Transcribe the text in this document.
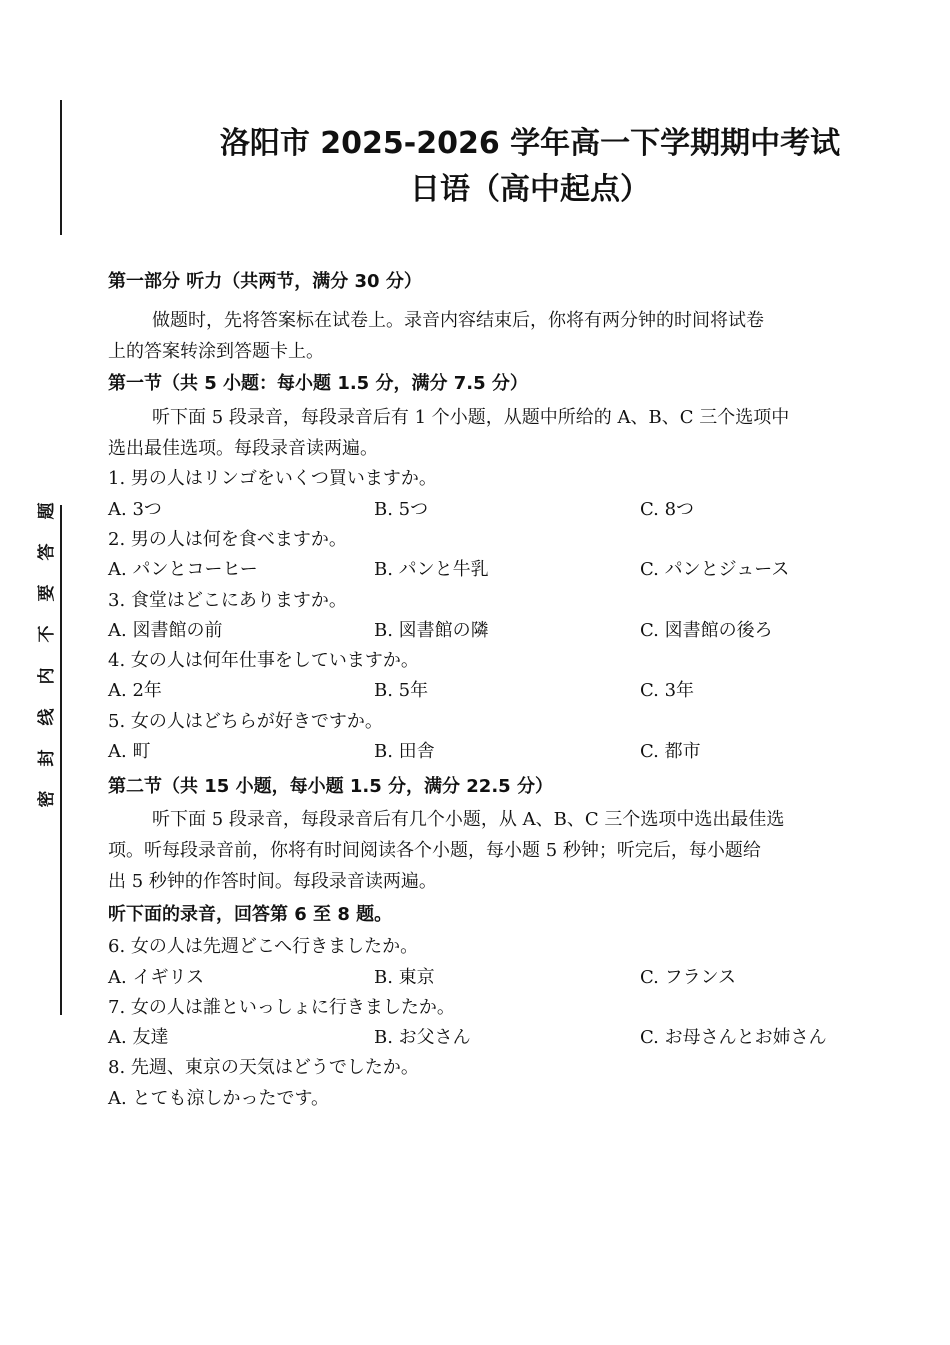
题
答
要
不
内
线
封
密
洛阳市 2025-2026 学年高一下学期期中考试
日语（高中起点）
第一部分 听力（共两节，满分 30 分）
做题时，先将答案标在试卷上。录音内容结束后，你将有两分钟的时间将试卷
上的答案转涂到答题卡上。
第一节（共 5 小题：每小题 1.5 分，满分 7.5 分）
听下面 5 段录音，每段录音后有 1 个小题，从题中所给的 A、B、C 三个选项中
选出最佳选项。每段录音读两遍。
1. 男の人はリンゴをいくつ買いますか。
A. 3つ	B. 5つ	C. 8つ
2. 男の人は何を食べますか。
A. パンとコーヒー	B. パンと牛乳	C. パンとジュース
3. 食堂はどこにありますか。
A. 図書館の前	B. 図書館の隣	C. 図書館の後ろ
4. 女の人は何年仕事をしていますか。
A. 2年	B. 5年	C. 3年
5. 女の人はどちらが好きですか。
A. 町	B. 田舎	C. 都市
第二节（共 15 小题，每小题 1.5 分，满分 22.5 分）
听下面 5 段录音，每段录音后有几个小题，从 A、B、C 三个选项中选出最佳选
项。听每段录音前，你将有时间阅读各个小题，每小题 5 秒钟；听完后，每小题给
出 5 秒钟的作答时间。每段录音读两遍。
听下面的录音，回答第 6 至 8 题。
6. 女の人は先週どこへ行きましたか。
A. イギリス	B. 東京	C. フランス
7. 女の人は誰といっしょに行きましたか。
A. 友達	B. お父さん	C. お母さんとお姉さん
8. 先週、東京の天気はどうでしたか。
A. とても涼しかったです。
